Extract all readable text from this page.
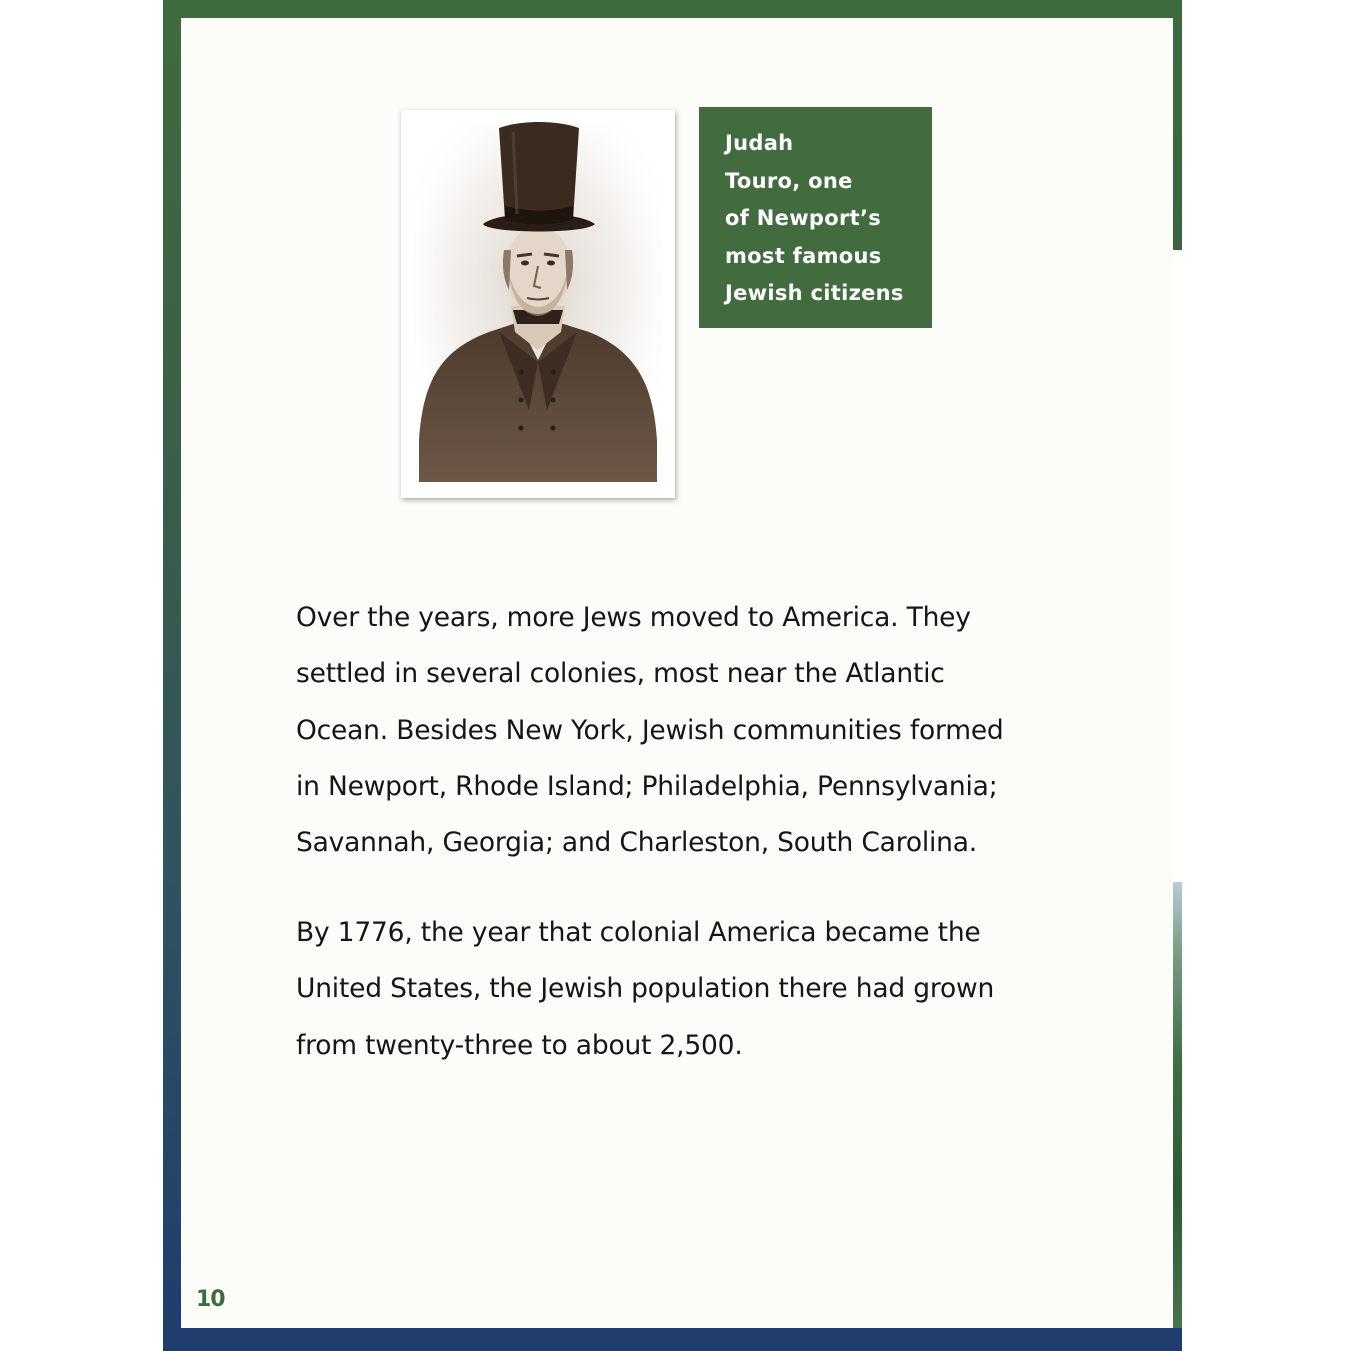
Judah
Touro, one
of Newport’s
most famous
Jewish citizens
Over the years, more Jews moved to America. They
settled in several colonies, most near the Atlantic
Ocean. Besides New York, Jewish communities formed
in Newport, Rhode Island; Philadelphia, Pennsylvania;
Savannah, Georgia; and Charleston, South Carolina.
By 1776, the year that colonial America became the
United States, the Jewish population there had grown
from twenty-three to about 2,500.
10
